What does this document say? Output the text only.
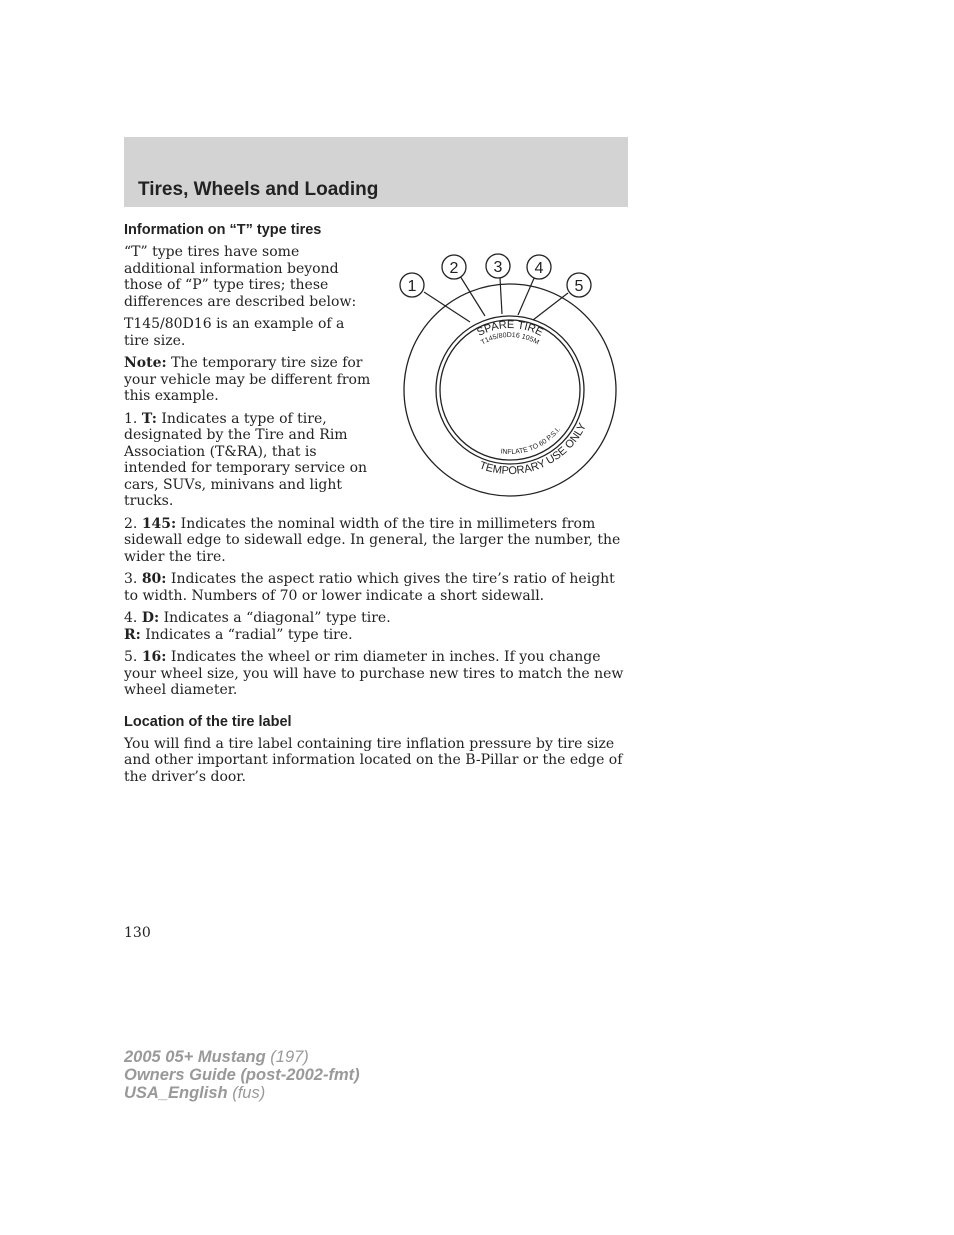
Tires, Wheels and Loading
Information on “T” type tires

“T” type tires have some additional information beyond those of “P” type tires; these differences are described below:

T145/80D16 is an example of a tire size.

Note: The temporary tire size for your vehicle may be different from this example.

1. T: Indicates a type of tire, designated by the Tire and Rim Association (T&RA), that is intended for temporary service on cars, SUVs, minivans and light trucks.

2. 145: Indicates the nominal width of the tire in millimeters from sidewall edge to sidewall edge. In general, the larger the number, the wider the tire.

3. 80: Indicates the aspect ratio which gives the tire’s ratio of height to width. Numbers of 70 or lower indicate a short sidewall.

4. D: Indicates a “diagonal” type tire.
R: Indicates a “radial” type tire.

5. 16: Indicates the wheel or rim diameter in inches. If you change your wheel size, you will have to purchase new tires to match the new wheel diameter.

Location of the tire label

You will find a tire label containing tire inflation pressure by tire size and other important information located on the B-Pillar or the edge of the driver’s door.

1
2 3 4
5
SPARE TIRE
T145/80D16 105M
TEMPORARY USE ONLY
INFLATE TO 60 P.S.I.
130
2005 05+ Mustang (197)
Owners Guide (post-2002-fmt)
USA_English (fus)
